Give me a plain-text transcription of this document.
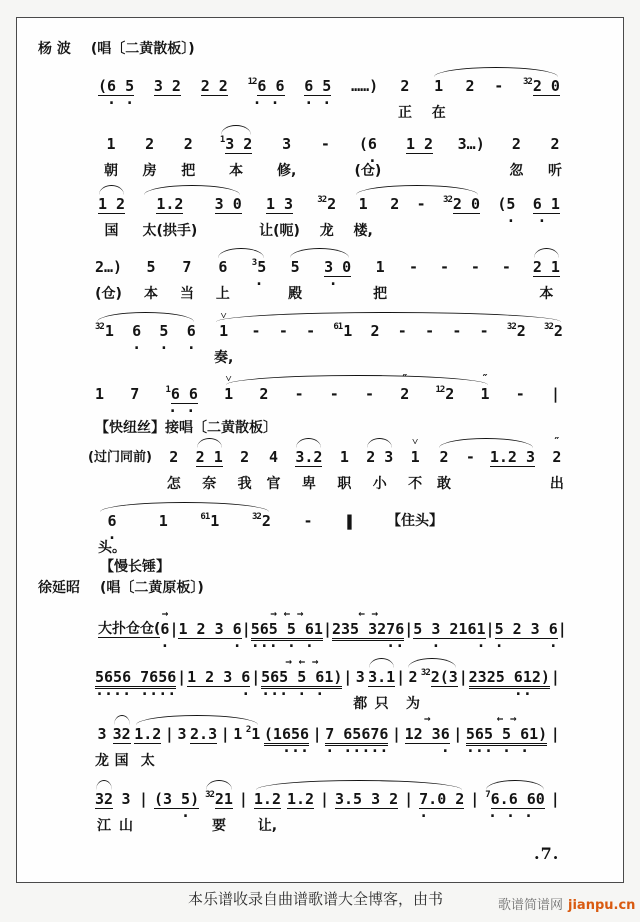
杨 波 (唱〔二黄散板〕)

(6 5
. .

3 2

2 2

$^{12}$6 6
. .

6 5
. .

……)

2

正

1

在

2

-

$^{32}$2 0

1

朝

2

房

2

把

$^1$3 2

本

3

修,

-

(6
.
(仓)

1 2

3…)

2

忽

2

听

1 2

国

1.2

太(拱手)

3 0

1 3

让(呃)

$^{32}$2

龙

1

楼,

2

-

$^{32}$2 0

(5
.

6 1
.

2…)

(仓)

5

本

7

当

6

上

$^3$5
.

5

殿

3 0
.

1

把

-

-

-

-

2 1

本

$^{32}$1

6
.

5
.

6
.
˅
1

奏,

-

-

-

$^{61}$1

2

-

-

-

-

$^{32}$2

$^{32}$2

1

7

	$^1$6 6
. .
˅
1

2

-

-

-

″
2

	$^{12}$2

″
1

-

|

(过门同前)

2

怎

2 1

奈

2

我

4

官

3.2

卑

1

职

2 3

小
˅
1

不

2

敢

-

1.2 3

″
2

出

6
.
头。

1

	$^{61}$1

	$^{32}$2

-

|

【住头】

大扑仓仓(

→
6
.

|

1 2 3 6
.

|

→ ← →
565 5 61
... . .

|

← →
235 3276
..

|

5 3 2161
.    .

|

5 2 3 6
.     .

|

5656 7656
.... ....

|

1 2 3 6
.

|

→ ← →
565 5 61)
... . .

|

3

都

3.1

只

|

2

为

$^{32}$2(3

|

2325 612)
..

|

3

龙

32

国

1.2

太

|

3

2.3

|

1

$^2$1

(1656
...

|

7 65676
. .....

|

→
12 36
.

|

← →
565 5 61)
... . .

|

32

江

3

山

|

(3 5)
.

$^{32}$21

要

|

1.2

让,

1.2

|

3.5 3 2

|

7.0 2
.

|

$^7$6.6 60
. . .

|

【快纽丝】接唱〔二黄散板〕
【慢长锤】
徐延昭 (唱〔二黄原板〕)
.7.
本乐谱收录自曲谱歌谱大全博客，由书	歌谱简谱网 jianpu.cn
